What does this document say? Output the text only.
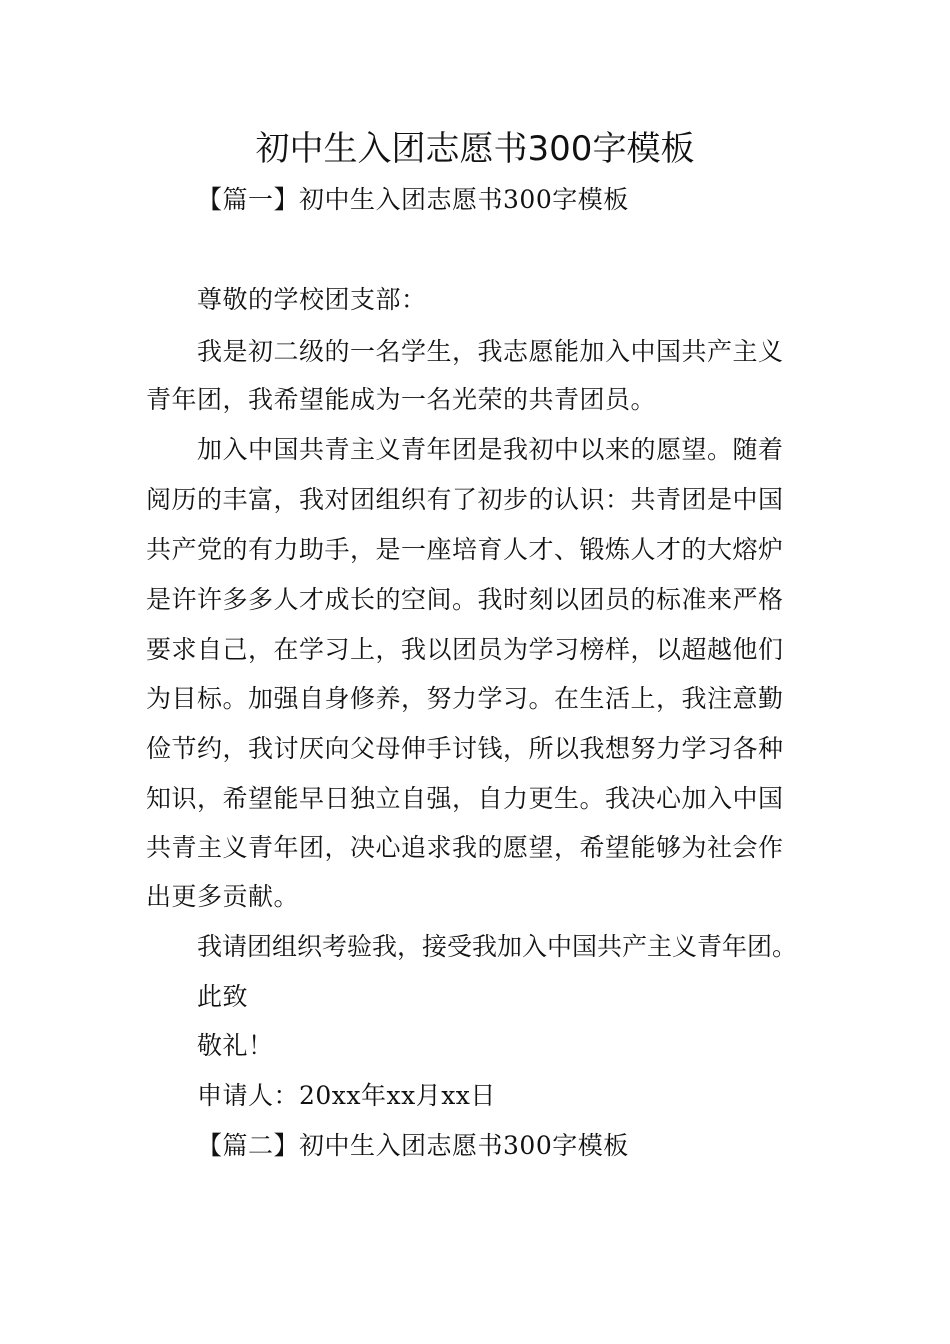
初中生入团志愿书300字模板
【篇一】初中生入团志愿书300字模板
尊敬的学校团支部：
我是初二级的一名学生，我志愿能加入中国共产主义
青年团，我希望能成为一名光荣的共青团员。
加入中国共青主义青年团是我初中以来的愿望。随着
阅历的丰富，我对团组织有了初步的认识：共青团是中国
共产党的有力助手，是一座培育人才、锻炼人才的大熔炉
是许许多多人才成长的空间。我时刻以团员的标准来严格
要求自己，在学习上，我以团员为学习榜样，以超越他们
为目标。加强自身修养，努力学习。在生活上，我注意勤
俭节约，我讨厌向父母伸手讨钱，所以我想努力学习各种
知识，希望能早日独立自强，自力更生。我决心加入中国
共青主义青年团，决心追求我的愿望，希望能够为社会作
出更多贡献。
我请团组织考验我，接受我加入中国共产主义青年团。
此致
敬礼！
申请人：20xx年xx月xx日
【篇二】初中生入团志愿书300字模板
